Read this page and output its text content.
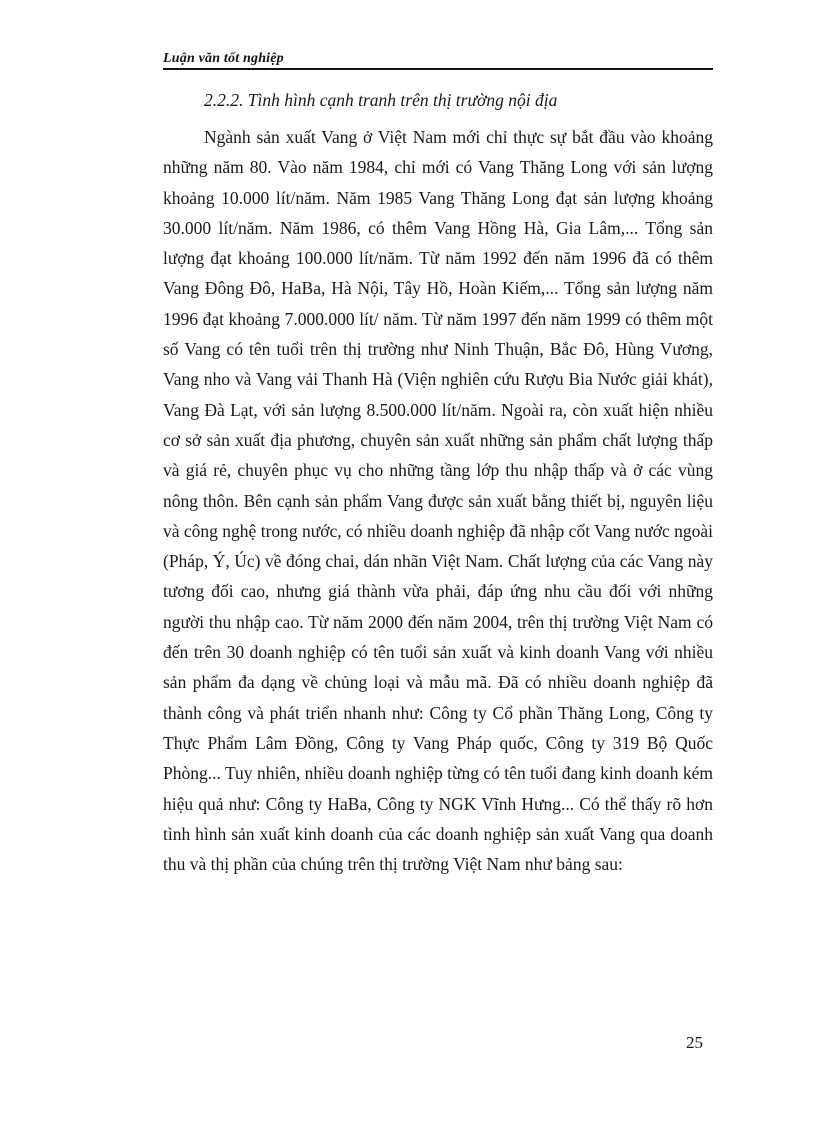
Luận văn tốt nghiệp
2.2.2. Tình hình cạnh tranh trên thị trường nội địa

Ngành sản xuất Vang ở Việt Nam mới chỉ thực sự bắt đầu vào khoảng những năm 80. Vào năm 1984, chỉ mới có Vang Thăng Long với sản lượng khoảng 10.000 lít/năm. Năm 1985 Vang Thăng Long đạt sản lượng khoảng 30.000 lít/năm. Năm 1986, có thêm Vang Hồng Hà, Gia Lâm,... Tổng sản lượng đạt khoảng 100.000 lít/năm. Từ năm 1992 đến năm 1996 đã có thêm Vang Đông Đô, HaBa, Hà Nội, Tây Hồ, Hoàn Kiếm,... Tổng sản lượng năm 1996 đạt khoảng 7.000.000 lít/ năm. Từ năm 1997 đến năm 1999 có thêm một số Vang có tên tuổi trên thị trường như Ninh Thuận, Bắc Đô, Hùng Vương, Vang nho và Vang vải Thanh Hà (Viện nghiên cứu Rượu Bia Nước giải khát), Vang Đà Lạt, với sản lượng 8.500.000 lít/năm. Ngoài ra, còn xuất hiện nhiều cơ sở sản xuất địa phương, chuyên sản xuất những sản phẩm chất lượng thấp và giá rẻ, chuyên phục vụ cho những tầng lớp thu nhập thấp và ở các vùng nông thôn. Bên cạnh sản phẩm Vang được sản xuất bằng thiết bị, nguyên liệu và công nghệ trong nước, có nhiều doanh nghiệp đã nhập cốt Vang nước ngoài (Pháp, Ý, Úc) về đóng chai, dán nhãn Việt Nam. Chất lượng của các Vang này tương đối cao, nhưng giá thành vừa phải, đáp ứng nhu cầu đối với những người thu nhập cao. Từ năm 2000 đến năm 2004, trên thị trường Việt Nam có đến trên 30 doanh nghiệp có tên tuổi sản xuất và kinh doanh Vang với nhiều sản phẩm đa dạng về chủng loại và mẫu mã. Đã có nhiều doanh nghiệp đã thành công và phát triển nhanh như: Công ty Cổ phần Thăng Long, Công ty Thực Phẩm Lâm Đồng, Công ty Vang Pháp quốc, Công ty 319 Bộ Quốc Phòng... Tuy nhiên, nhiều doanh nghiệp từng có tên tuổi đang kinh doanh kém hiệu quả như: Công ty HaBa, Công ty NGK Vĩnh Hưng... Có thể thấy rõ hơn tình hình sản xuất kinh doanh của các doanh nghiệp sản xuất Vang qua doanh thu và thị phần của chúng trên thị trường Việt Nam như bảng sau:

25
